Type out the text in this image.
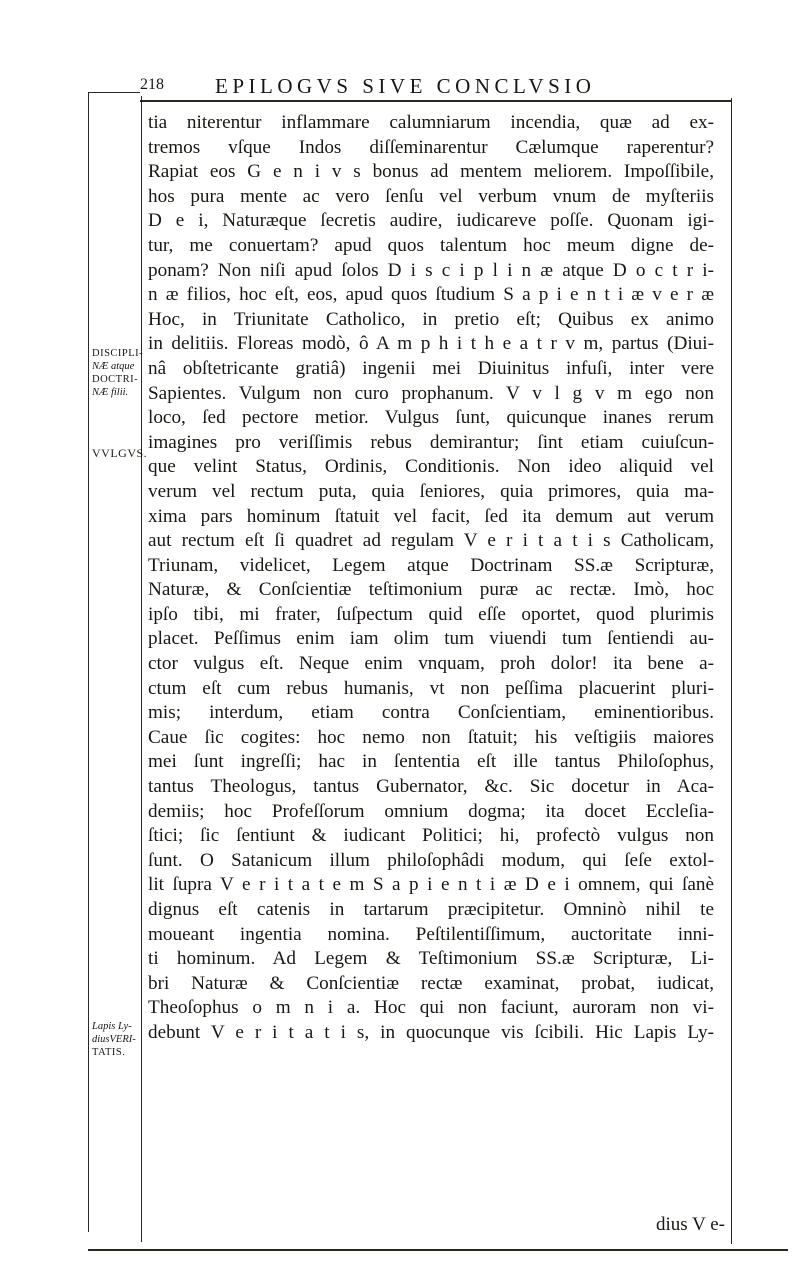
218 EPILOGVS SIVE CONCLVSIO
DISCIPLI-
NÆ atque
DOCTRI-
NÆ filii.
VVLGVS.
Lapis Ly-
diusVERI-
TATIS.
tia niterentur inflammare calumniarum incendia, quæ ad ex-
tremos vſque Indos diſſeminarentur Cælumque raperentur?
Rapiat eos G e n i v s bonus ad mentem meliorem. Impoſſibile,
hos pura mente ac vero ſenſu vel verbum vnum de myſteriis
D e i, Naturæque ſecretis audire, iudicareve poſſe. Quonam igi-
tur, me conuertam? apud quos talentum hoc meum digne de-
ponam? Non niſi apud ſolos D i s c i p l i n æ atque D o c t r i-
n æ filios, hoc eſt, eos, apud quos ſtudium S a p i e n t i æ v e r æ
Hoc, in Triunitate Catholico, in pretio eſt; Quibus ex animo
in delitiis. Floreas modò, ô A m p h i t h e a t r v m, partus (Diui-
nâ obſtetricante gratiâ) ingenii mei Diuinitus infuſi, inter vere
Sapientes. Vulgum non curo prophanum. V v l g v m ego non
loco, ſed pectore metior. Vulgus ſunt, quicunque inanes rerum
imagines pro veriſſimis rebus demirantur; ſint etiam cuiuſcun-
que velint Status, Ordinis, Conditionis. Non ideo aliquid vel
verum vel rectum puta, quia ſeniores, quia primores, quia ma-
xima pars hominum ſtatuit vel facit, ſed ita demum aut verum
aut rectum eſt ſi quadret ad regulam V e r i t a t i s Catholicam,
Triunam, videlicet, Legem atque Doctrinam SS.æ Scripturæ,
Naturæ, & Conſcientiæ teſtimonium puræ ac rectæ. Imò, hoc
ipſo tibi, mi frater, ſuſpectum quid eſſe oportet, quod plurimis
placet. Peſſimus enim iam olim tum viuendi tum ſentiendi au-
ctor vulgus eſt. Neque enim vnquam, proh dolor! ita bene a-
ctum eſt cum rebus humanis, vt non peſſima placuerint pluri-
mis; interdum, etiam contra Conſcientiam, eminentioribus.
Caue ſic cogites: hoc nemo non ſtatuit; his veſtigiis maiores
mei ſunt ingreſſi; hac in ſententia eſt ille tantus Philoſophus,
tantus Theologus, tantus Gubernator, &c. Sic docetur in Aca-
demiis; hoc Profeſſorum omnium dogma; ita docet Eccleſia-
ſtici; ſic ſentiunt & iudicant Politici; hi, profectò vulgus non
ſunt. O Satanicum illum philoſophâdi modum, qui ſeſe extol-
lit ſupra V e r i t a t e m S a p i e n t i æ D e i omnem, qui ſanè
dignus eſt catenis in tartarum præcipitetur. Omninò nihil te
moueant ingentia nomina. Peſtilentiſſimum, auctoritate inni-
ti hominum. Ad Legem & Teſtimonium SS.æ Scripturæ, Li-
bri Naturæ & Conſcientiæ rectæ examinat, probat, iudicat,
Theoſophus o m n i a. Hoc qui non faciunt, auroram non vi-
debunt V e r i t a t i s, in quocunque vis ſcibili. Hic Lapis Ly-
dius V e-
